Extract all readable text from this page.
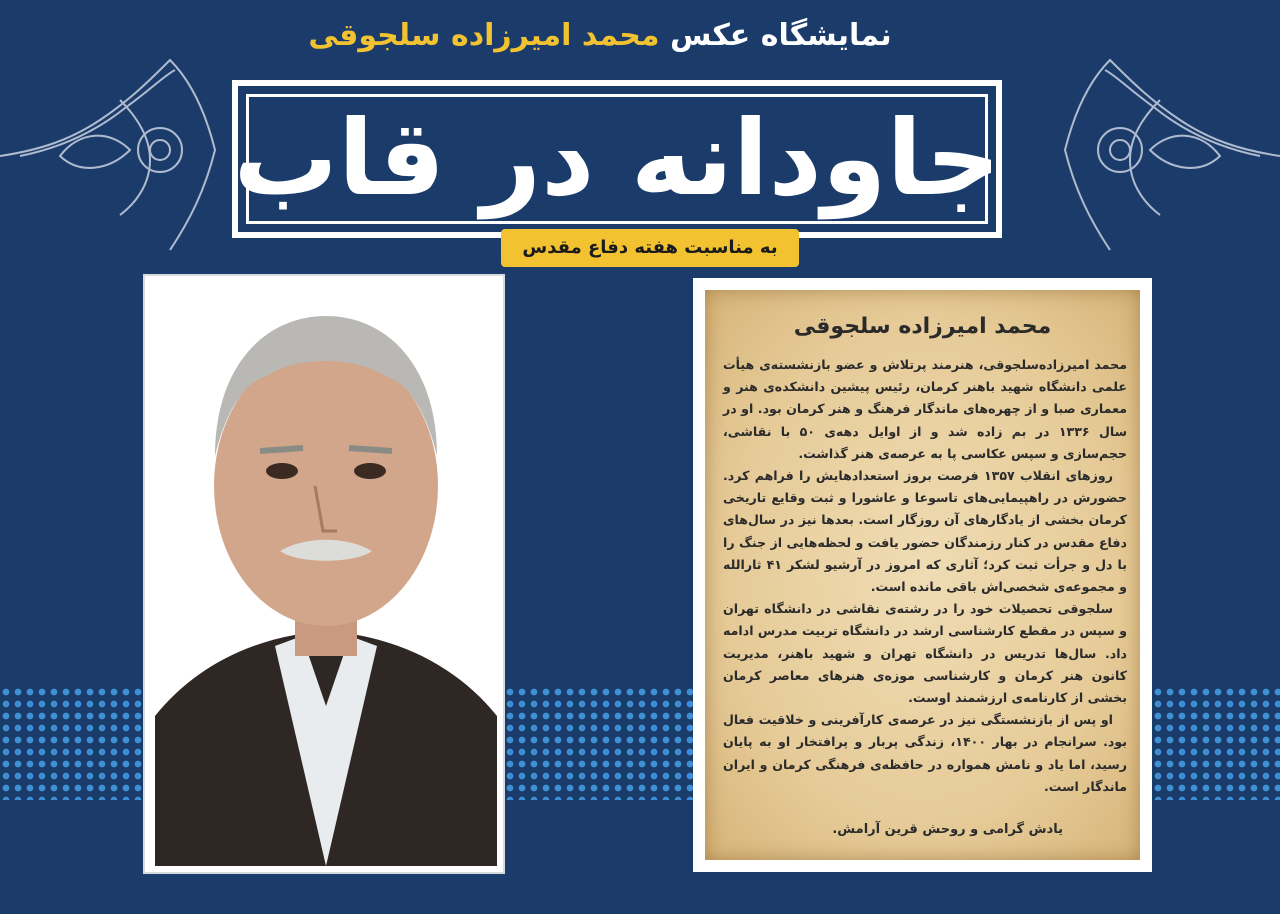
نمایشگاه عکس محمد امیرزاده سلجوقی
جاودانه در قاب
به مناسبت هفته دفاع مقدس
محمد امیرزاده سلجوقی

محمد امیرزاده‌سلجوقی، هنرمند پرتلاش و عضو بازنشسته‌ی هیأت علمی دانشگاه شهید باهنر کرمان، رئیس پیشین دانشکده‌ی هنر و معماری صبا و از چهره‌های ماندگار فرهنگ و هنر کرمان بود. او در سال ۱۳۳۶ در بم زاده شد و از اوایل دهه‌ی ۵۰ با نقاشی، حجم‌سازی و سپس عکاسی پا به عرصه‌ی هنر گذاشت.

روزهای انقلاب ۱۳۵۷ فرصت بروز استعدادهایش را فراهم کرد. حضورش در راهپیمایی‌های تاسوعا و عاشورا و ثبت وقایع تاریخی کرمان بخشی از یادگارهای آن روزگار است. بعدها نیز در سال‌های دفاع مقدس در کنار رزمندگان حضور یافت و لحظه‌هایی از جنگ را با دل و جرأت ثبت کرد؛ آثاری که امروز در آرشیو لشکر ۴۱ ثارالله و مجموعه‌ی شخصی‌اش باقی مانده است.

سلجوقی تحصیلات خود را در رشته‌ی نقاشی در دانشگاه تهران و سپس در مقطع کارشناسی ارشد در دانشگاه تربیت مدرس ادامه داد. سال‌ها تدریس در دانشگاه تهران و شهید باهنر، مدیریت کانون هنر کرمان و کارشناسی موزه‌ی هنرهای معاصر کرمان بخشی از کارنامه‌ی ارزشمند اوست.

او پس از بازنشستگی نیز در عرصه‌ی کارآفرینی و خلاقیت فعال بود. سرانجام در بهار ۱۴۰۰، زندگی پربار و پرافتخار او به پایان رسید، اما یاد و نامش همواره در حافظه‌ی فرهنگی کرمان و ایران ماندگار است.

یادش گرامی و روحش قرین آرامش.
